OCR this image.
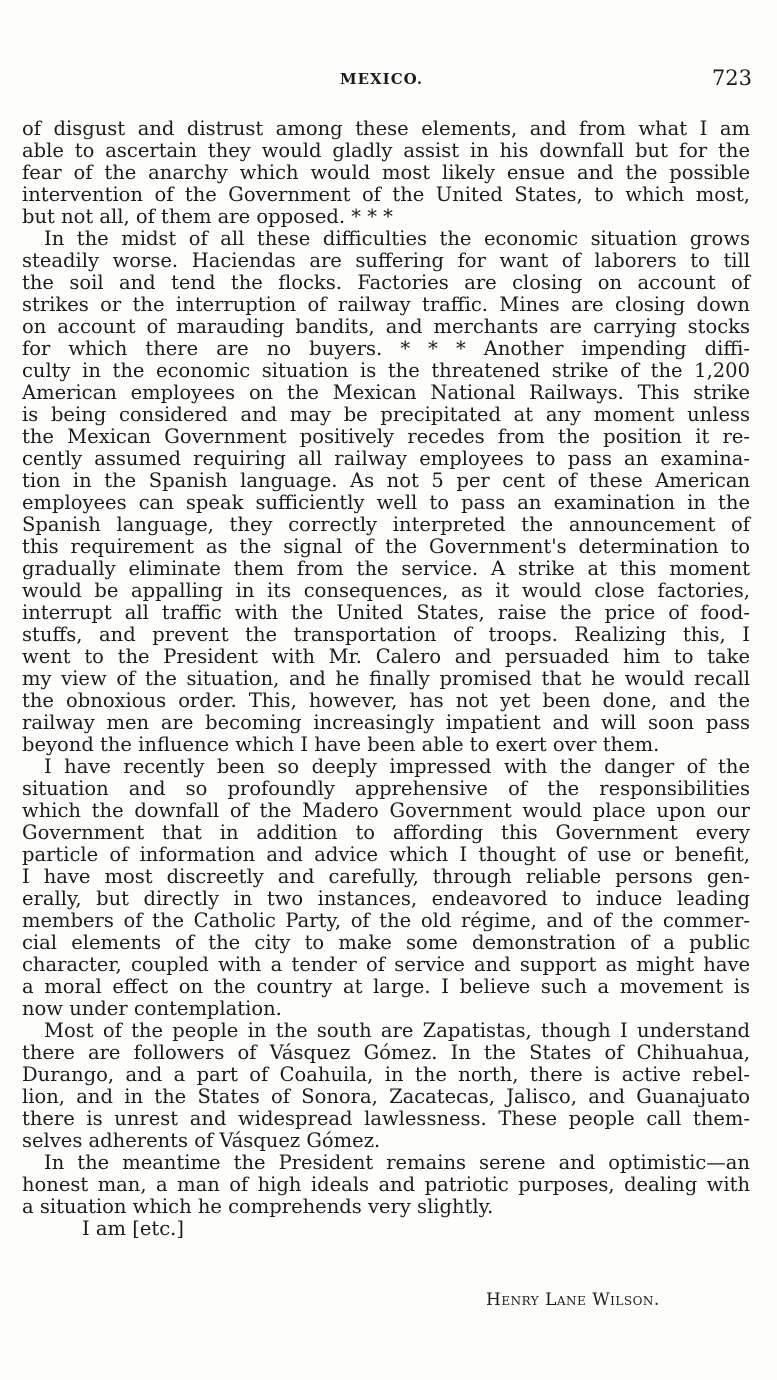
MEXICO.	723
of disgust and distrust among these elements, and from what I am
able to ascertain they would gladly assist in his downfall but for the
fear of the anarchy which would most likely ensue and the possible
intervention of the Government of the United States, to which most,
but not all, of them are opposed. * * *
In the midst of all these difficulties the economic situation grows
steadily worse. Haciendas are suffering for want of laborers to till
the soil and tend the flocks. Factories are closing on account of
strikes or the interruption of railway traffic. Mines are closing down
on account of marauding bandits, and merchants are carrying stocks
for which there are no buyers. * * * Another impending diffi-
culty in the economic situation is the threatened strike of the 1,200
American employees on the Mexican National Railways. This strike
is being considered and may be precipitated at any moment unless
the Mexican Government positively recedes from the position it re-
cently assumed requiring all railway employees to pass an examina-
tion in the Spanish language. As not 5 per cent of these American
employees can speak sufficiently well to pass an examination in the
Spanish language, they correctly interpreted the announcement of
this requirement as the signal of the Government's determination to
gradually eliminate them from the service. A strike at this moment
would be appalling in its consequences, as it would close factories,
interrupt all traffic with the United States, raise the price of food-
stuffs, and prevent the transportation of troops. Realizing this, I
went to the President with Mr. Calero and persuaded him to take
my view of the situation, and he finally promised that he would recall
the obnoxious order. This, however, has not yet been done, and the
railway men are becoming increasingly impatient and will soon pass
beyond the influence which I have been able to exert over them.
I have recently been so deeply impressed with the danger of the
situation and so profoundly apprehensive of the responsibilities
which the downfall of the Madero Government would place upon our
Government that in addition to affording this Government every
particle of information and advice which I thought of use or benefit,
I have most discreetly and carefully, through reliable persons gen-
erally, but directly in two instances, endeavored to induce leading
members of the Catholic Party, of the old régime, and of the commer-
cial elements of the city to make some demonstration of a public
character, coupled with a tender of service and support as might have
a moral effect on the country at large. I believe such a movement is
now under contemplation.
Most of the people in the south are Zapatistas, though I understand
there are followers of Vásquez Gómez. In the States of Chihuahua,
Durango, and a part of Coahuila, in the north, there is active rebel-
lion, and in the States of Sonora, Zacatecas, Jalisco, and Guanajuato
there is unrest and widespread lawlessness. These people call them-
selves adherents of Vásquez Gómez.
In the meantime the President remains serene and optimistic—an
honest man, a man of high ideals and patriotic purposes, dealing with
a situation which he comprehends very slightly.
I am [etc.]
Henry Lane Wilson.
